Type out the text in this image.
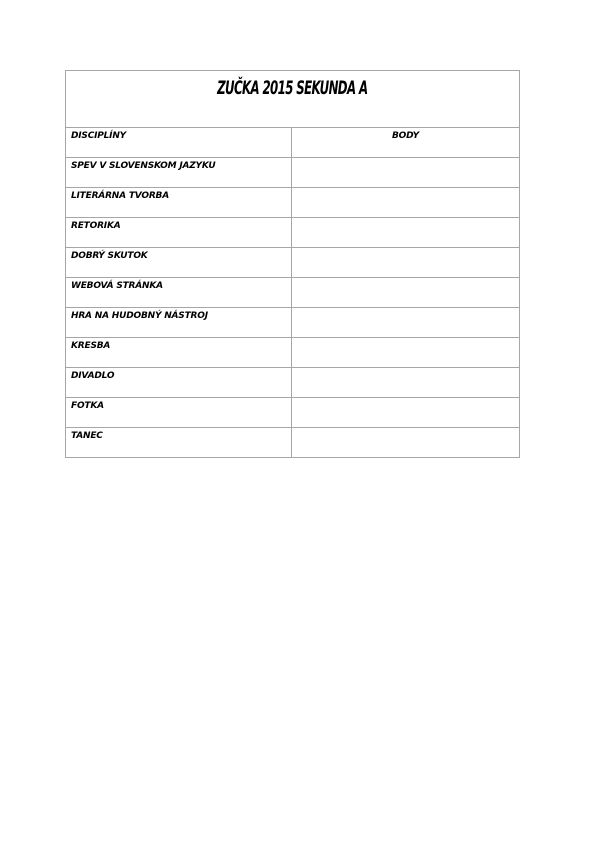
ZUČKA 2015 SEKUNDA A	

DISCIPLÍNY	BODY

SPEV V SLOVENSKOM JAZYKU	

LITERÁRNA TVORBA	

RETORIKA	

DOBRÝ SKUTOK	

WEBOVÁ STRÁNKA	

HRA NA HUDOBNÝ NÁSTROJ	

KRESBA	

DIVADLO	

FOTKA	

TANEC	
